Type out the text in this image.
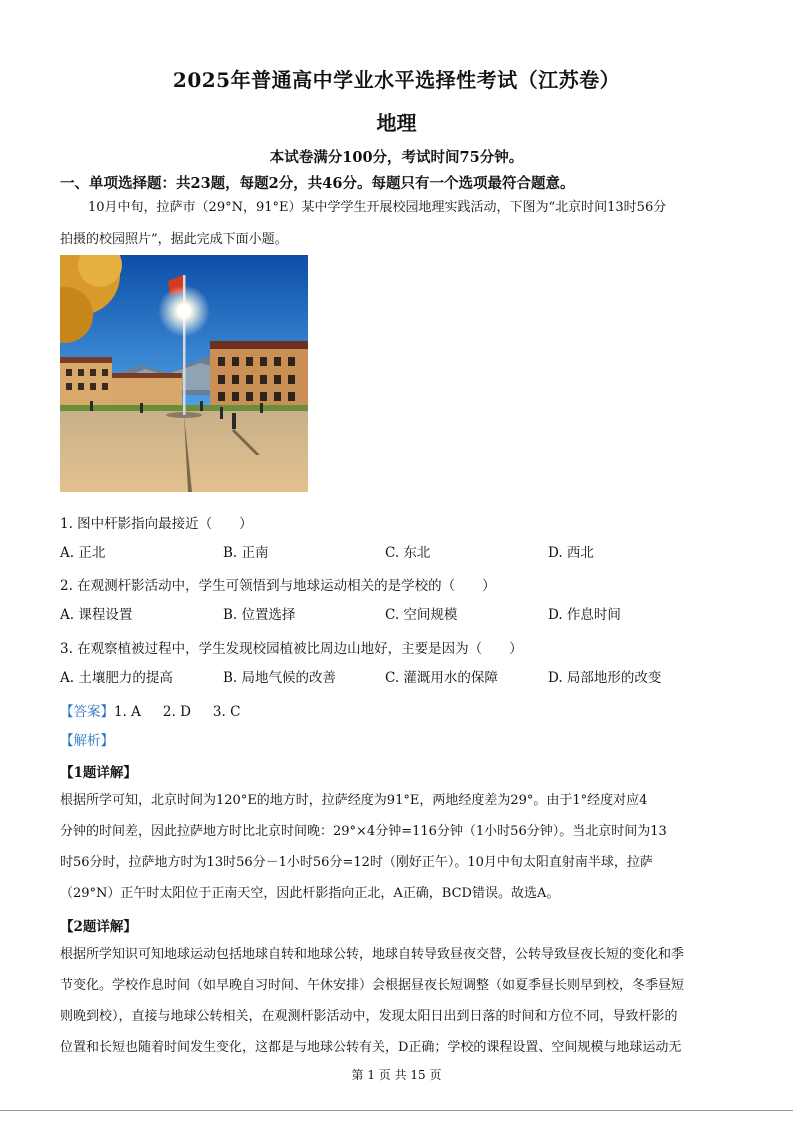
2025年普通高中学业水平选择性考试（江苏卷）
地理
本试卷满分100分，考试时间75分钟。
一、单项选择题：共23题，每题2分，共46分。每题只有一个选项最符合题意。
10月中旬，拉萨市（29°N，91°E）某中学学生开展校园地理实践活动，下图为“北京时间13时56分
拍摄的校园照片”，据此完成下面小题。
1. 图中杆影指向最接近（　　）
A. 正北	B. 正南	C. 东北	D. 西北
2. 在观测杆影活动中，学生可领悟到与地球运动相关的是学校的（　　）
A. 课程设置	B. 位置选择	C. 空间规模	D. 作息时间
3. 在观察植被过程中，学生发现校园植被比周边山地好，主要是因为（　　）
A. 土壤肥力的提高	B. 局地气候的改善	C. 灌溉用水的保障	D. 局部地形的改变
【答案】1. A 2. D 3. C
【解析】
【1题详解】
根据所学可知，北京时间为120°E的地方时，拉萨经度为91°E，两地经度差为29°。由于1°经度对应4
分钟的时间差，因此拉萨地方时比北京时间晚：29°×4分钟=116分钟（1小时56分钟）。当北京时间为13
时56分时，拉萨地方时为13时56分－1小时56分=12时（刚好正午）。10月中旬太阳直射南半球，拉萨
（29°N）正午时太阳位于正南天空，因此杆影指向正北，A正确，BCD错误。故选A。
【2题详解】
根据所学知识可知地球运动包括地球自转和地球公转，地球自转导致昼夜交替，公转导致昼夜长短的变化和季
节变化。学校作息时间（如早晚自习时间、午休安排）会根据昼夜长短调整（如夏季昼长则早到校，冬季昼短
则晚到校），直接与地球公转相关，在观测杆影活动中，发现太阳日出到日落的时间和方位不同，导致杆影的
位置和长短也随着时间发生变化，这都是与地球公转有关，D正确；学校的课程设置、空间规模与地球运动无
第 1 页 共 15 页
